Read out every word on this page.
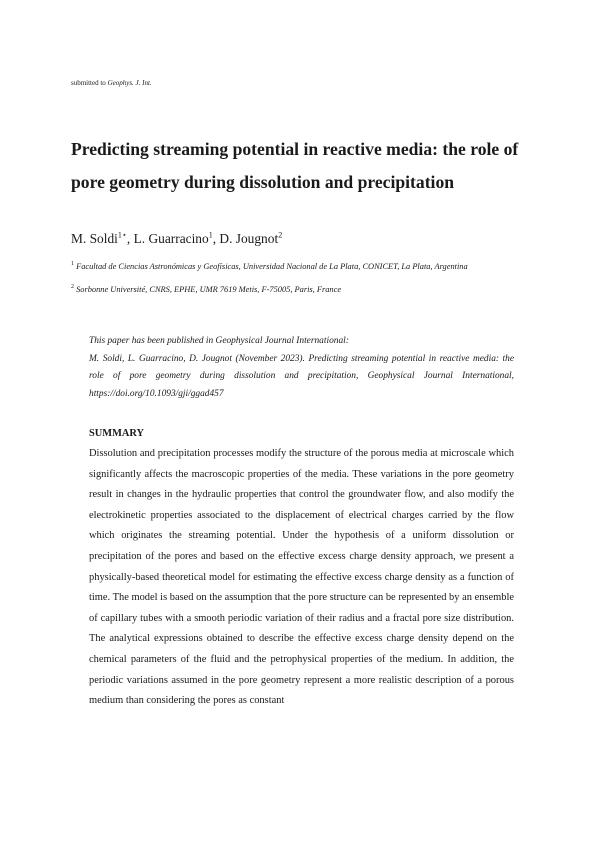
submitted to Geophys. J. Int.
Predicting streaming potential in reactive media: the role of
pore geometry during dissolution and precipitation
M. Soldi$^{1⋆}$, L. Guarracino$^1$, D. Jougnot$^2$
$^1$ Facultad de Ciencias Astronómicas y Geofísicas, Universidad Nacional de La Plata, CONICET, La Plata, Argentina
$^2$ Sorbonne Université, CNRS, EPHE, UMR 7619 Metis, F-75005, Paris, France

This paper has been published in Geophysical Journal International:

M. Soldi, L. Guarracino, D. Jougnot (November 2023). Predicting streaming potential in reactive media: the role of pore geometry during dissolution and precipitation, Geophysical Journal International, https://doi.org/10.1093/gji/ggad457

SUMMARY
Dissolution and precipitation processes modify the structure of the porous media at microscale which significantly affects the macroscopic properties of the media. These variations in the pore geometry result in changes in the hydraulic properties that control the groundwater flow, and also modify the electrokinetic properties associated to the displacement of electrical charges carried by the flow which originates the streaming potential. Under the hypothesis of a uniform dissolution or precipitation of the pores and based on the effective excess charge density approach, we present a physically-based theoretical model for estimating the effective excess charge density as a function of time. The model is based on the assumption that the pore structure can be represented by an ensemble of capillary tubes with a smooth periodic variation of their radius and a fractal pore size distribution. The analytical expressions obtained to describe the effective excess charge density depend on the chemical parameters of the fluid and the petrophysical properties of the medium. In addition, the periodic variations assumed in the pore geometry represent a more realistic description of a porous medium than considering the pores as constant
